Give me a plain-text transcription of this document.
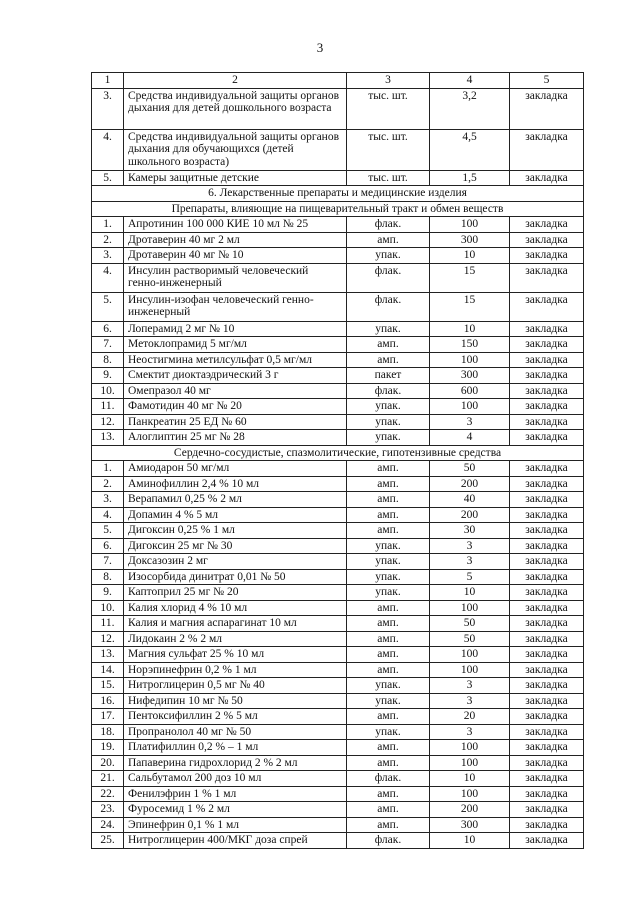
3
1	2	3	4	5
3.	Средства индивидуальной защиты органов дыхания для детей дошкольного возраста	тыс. шт.	3,2	закладка
4.	Средства индивидуальной защиты органов дыхания для обучающихся (детей школьного возраста)	тыс. шт.	4,5	закладка
5.	Камеры защитные детские	тыс. шт.	1,5	закладка
6. Лекарственные препараты и медицинские изделия				
Препараты, влияющие на пищеварительный тракт и обмен веществ				
1.	Апротинин 100 000 КИЕ 10 мл № 25	флак.	100	закладка
2.	Дротаверин 40 мг 2 мл	амп.	300	закладка
3.	Дротаверин 40 мг № 10	упак.	10	закладка
4.	Инсулин растворимый человеческий генно-инженерный	флак.	15	закладка
5.	Инсулин-изофан человеческий генно-инженерный	флак.	15	закладка
6.	Лоперамид 2 мг № 10	упак.	10	закладка
7.	Метоклопрамид 5 мг/мл	амп.	150	закладка
8.	Неостигмина метилсульфат 0,5 мг/мл	амп.	100	закладка
9.	Смектит диоктаэдрический 3 г	пакет	300	закладка
10.	Омепразол 40 мг	флак.	600	закладка
11.	Фамотидин 40 мг № 20	упак.	100	закладка
12.	Панкреатин 25 ЕД № 60	упак.	3	закладка
13.	Алоглиптин 25 мг № 28	упак.	4	закладка
Сердечно-сосудистые, спазмолитические, гипотензивные средства				
1.	Амиодарон 50 мг/мл	амп.	50	закладка
2.	Аминофиллин 2,4 % 10 мл	амп.	200	закладка
3.	Верапамил 0,25 % 2 мл	амп.	40	закладка
4.	Допамин 4 % 5 мл	амп.	200	закладка
5.	Дигоксин 0,25 % 1 мл	амп.	30	закладка
6.	Дигоксин 25 мг № 30	упак.	3	закладка
7.	Доксазозин 2 мг	упак.	3	закладка
8.	Изосорбида динитрат 0,01 № 50	упак.	5	закладка
9.	Каптоприл 25 мг № 20	упак.	10	закладка
10.	Калия хлорид 4 % 10 мл	амп.	100	закладка
11.	Калия и магния аспарагинат 10 мл	амп.	50	закладка
12.	Лидокаин 2 % 2 мл	амп.	50	закладка
13.	Магния сульфат 25 % 10 мл	амп.	100	закладка
14.	Норэпинефрин 0,2 % 1 мл	амп.	100	закладка
15.	Нитроглицерин 0,5 мг № 40	упак.	3	закладка
16.	Нифедипин 10 мг № 50	упак.	3	закладка
17.	Пентоксифиллин 2 % 5 мл	амп.	20	закладка
18.	Пропранолол 40 мг № 50	упак.	3	закладка
19.	Платифиллин 0,2 % – 1 мл	амп.	100	закладка
20.	Папаверина гидрохлорид 2 % 2 мл	амп.	100	закладка
21.	Сальбутамол 200 доз 10 мл	флак.	10	закладка
22.	Фенилэфрин 1 % 1 мл	амп.	100	закладка
23.	Фуросемид 1 % 2 мл	амп.	200	закладка
24.	Эпинефрин 0,1 % 1 мл	амп.	300	закладка
25.	Нитроглицерин 400/МКГ доза спрей	флак.	10	закладка
